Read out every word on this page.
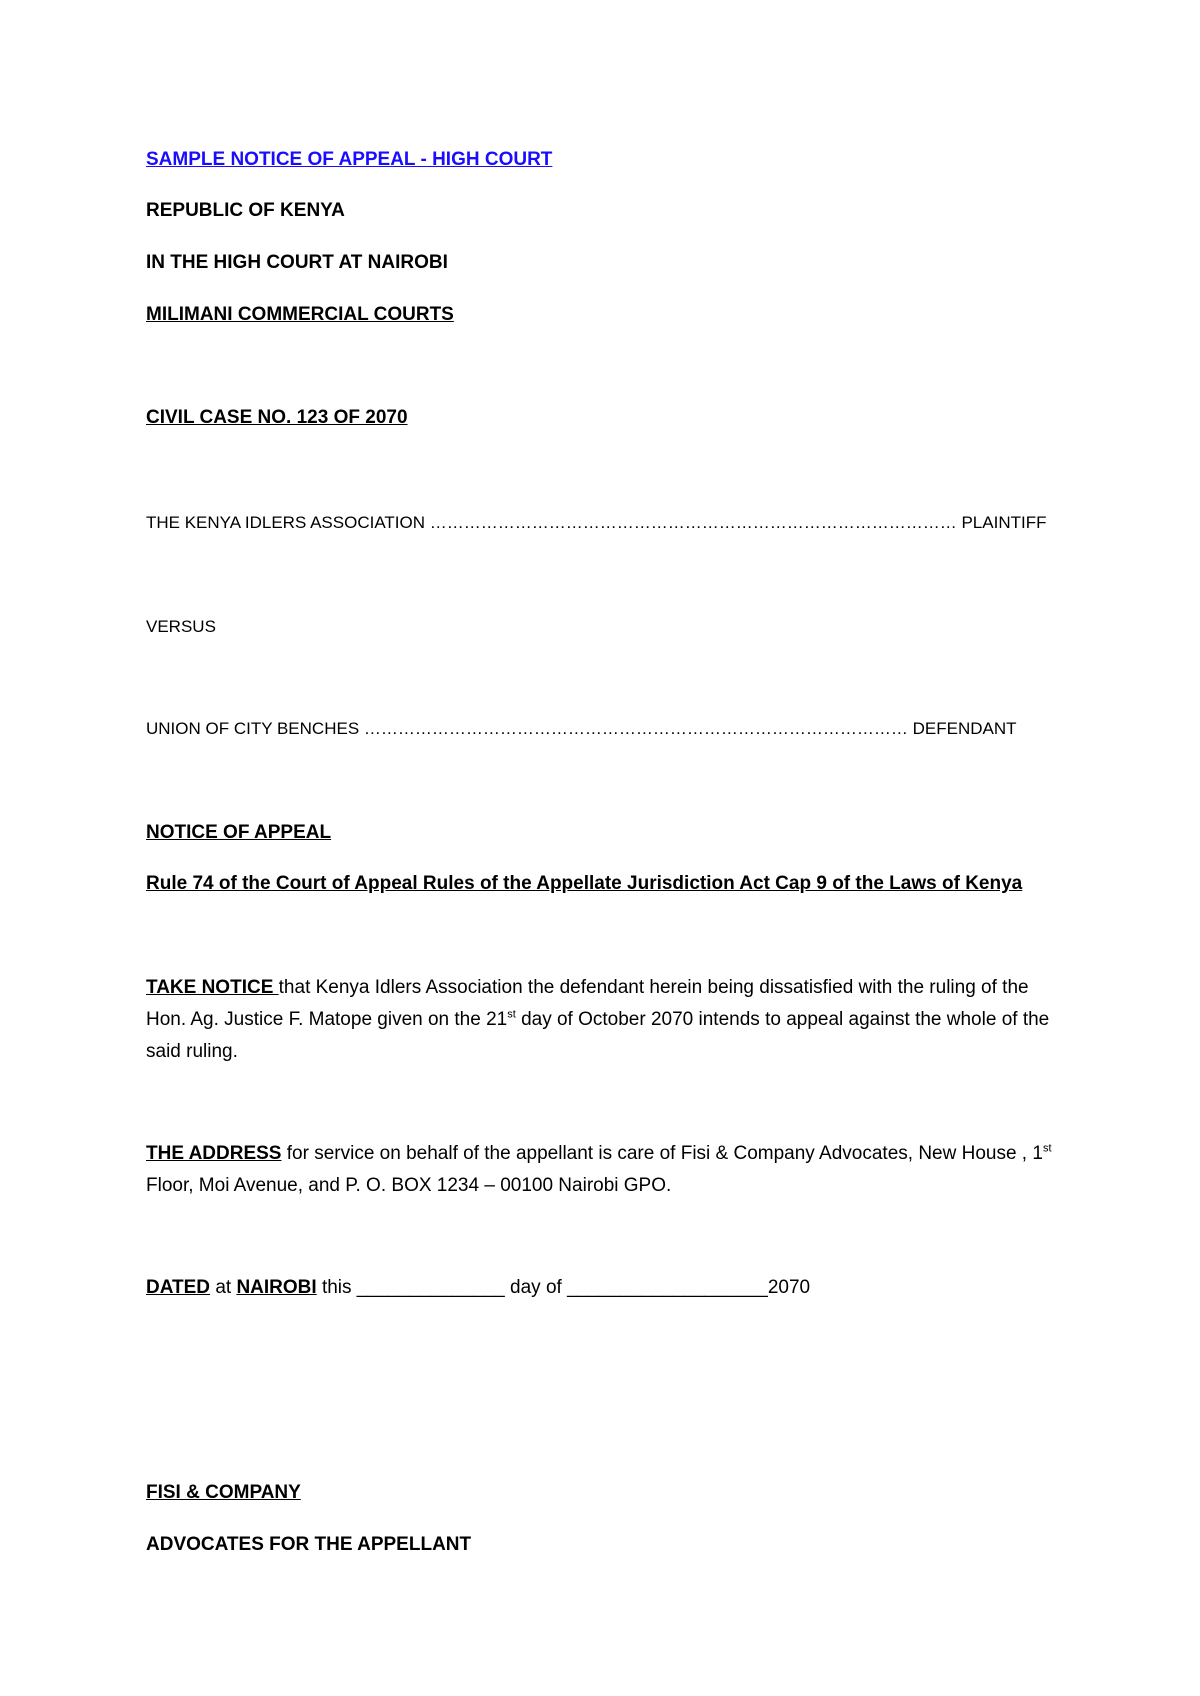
SAMPLE NOTICE OF APPEAL - HIGH COURT
REPUBLIC OF KENYA
IN THE HIGH COURT AT NAIROBI
MILIMANI COMMERCIAL COURTS
CIVIL CASE NO. 123 OF 2070
THE KENYA IDLERS ASSOCIATION ………………………………………………………………………………… PLAINTIFF
VERSUS
UNION OF CITY BENCHES …………………………………………………………………………………… DEFENDANT
NOTICE OF APPEAL
Rule 74 of the Court of Appeal Rules of the Appellate Jurisdiction Act Cap 9 of the Laws of Kenya
TAKE NOTICE that Kenya Idlers Association the defendant herein being dissatisfied with the ruling of the Hon. Ag. Justice F. Matope given on the 21st day of October 2070 intends to appeal against the whole of the said ruling.
THE ADDRESS for service on behalf of the appellant is care of Fisi & Company Advocates, New House , 1st Floor, Moi Avenue, and P. O. BOX 1234 – 00100 Nairobi GPO.
DATED at NAIROBI this ______________ day of ___________________2070
FISI & COMPANY
ADVOCATES FOR THE APPELLANT
